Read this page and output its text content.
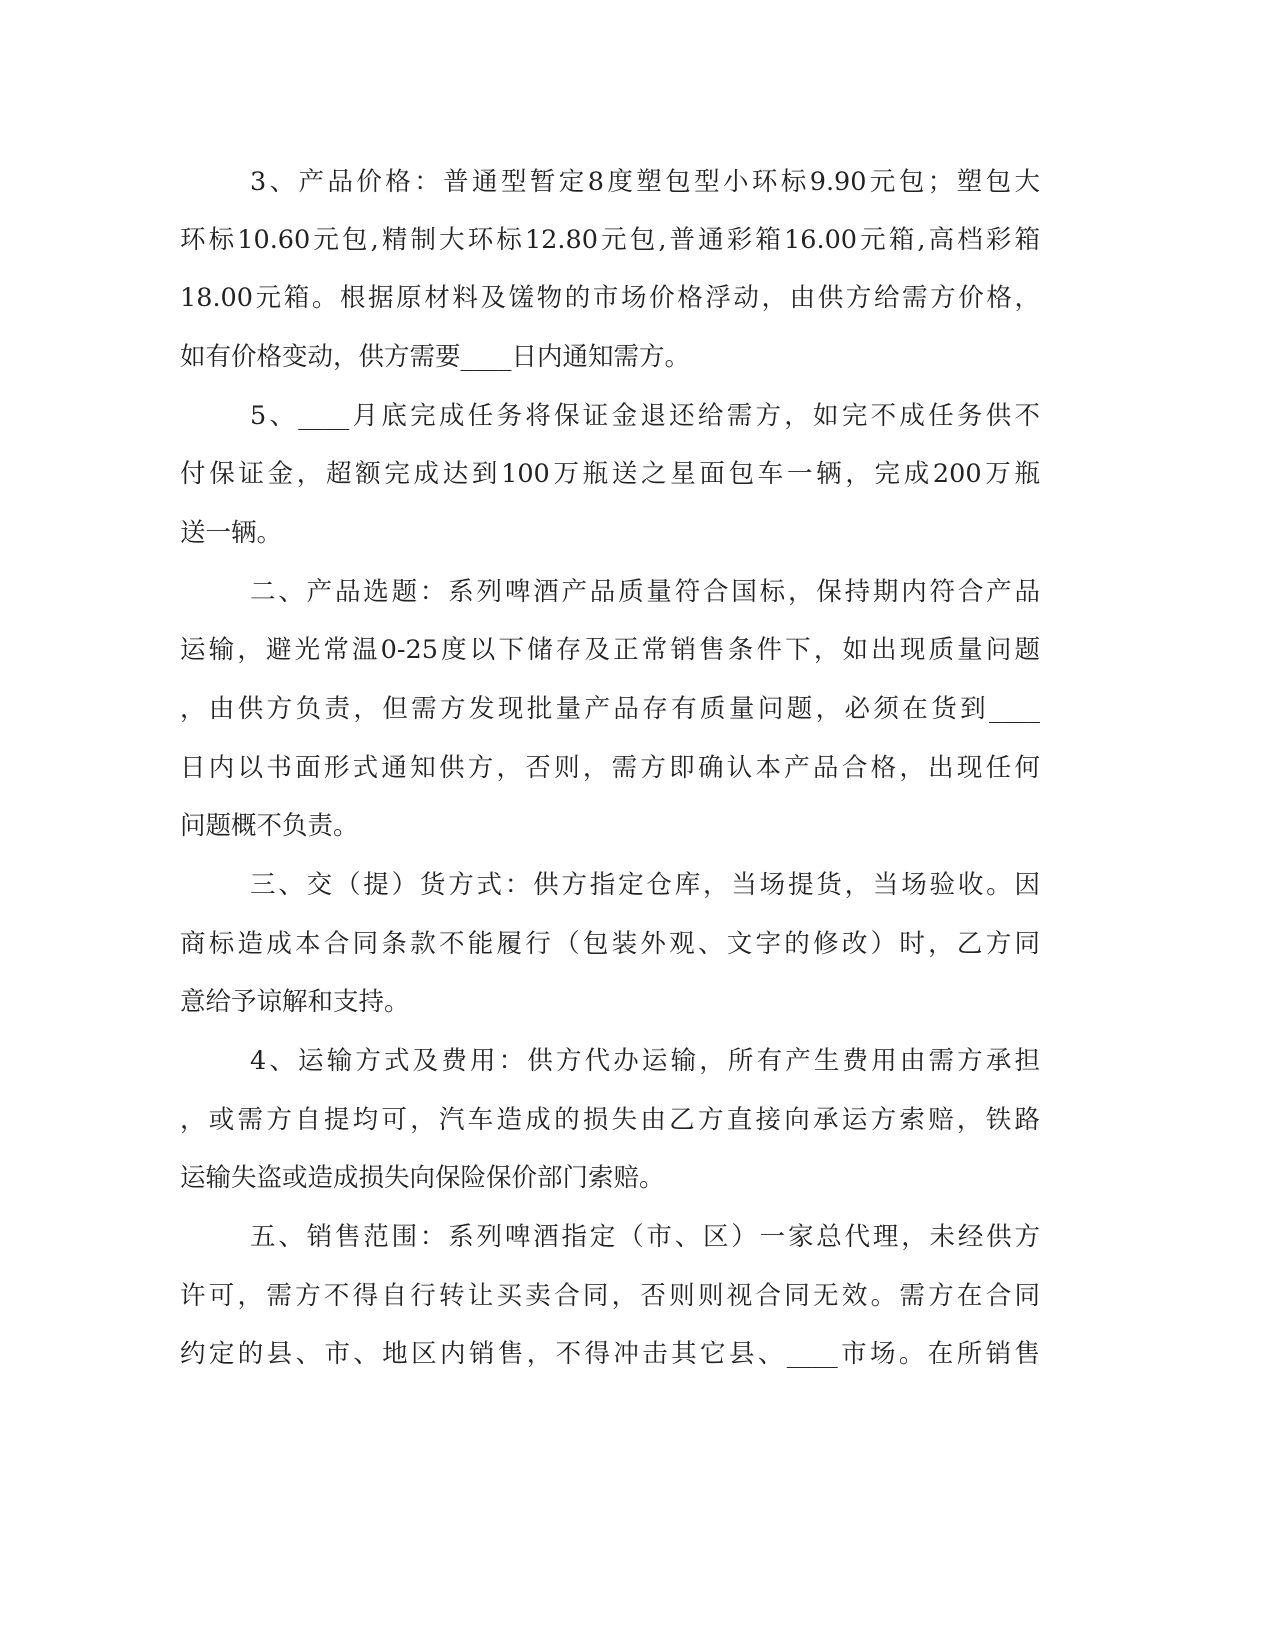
3、产品价格：普通型暂定8度塑包型小环标9.90元包；塑包大

环标10.60元包,精制大环标12.80元包,普通彩箱16.00元箱,高档彩箱

18.00元箱。根据原材料及馐物的市场价格浮动，由供方给需方价格，

如有价格变动，供方需要____日内通知需方。

5、____月底完成任务将保证金退还给需方，如完不成任务供不

付保证金，超额完成达到100万瓶送之星面包车一辆，完成200万瓶

送一辆。

二、产品选题：系列啤酒产品质量符合国标，保持期内符合产品

运输，避光常温0-25度以下储存及正常销售条件下，如出现质量问题

，由供方负责，但需方发现批量产品存有质量问题，必须在货到____

日内以书面形式通知供方，否则，需方即确认本产品合格，出现任何

问题概不负责。

三、交（提）货方式：供方指定仓库，当场提货，当场验收。因

商标造成本合同条款不能履行（包装外观、文字的修改）时，乙方同

意给予谅解和支持。

4、运输方式及费用：供方代办运输，所有产生费用由需方承担

，或需方自提均可，汽车造成的损失由乙方直接向承运方索赔，铁路

运输失盗或造成损失向保险保价部门索赔。

五、销售范围：系列啤酒指定（市、区）一家总代理，未经供方

许可，需方不得自行转让买卖合同，否则则视合同无效。需方在合同

约定的县、市、地区内销售，不得冲击其它县、____市场。在所销售
